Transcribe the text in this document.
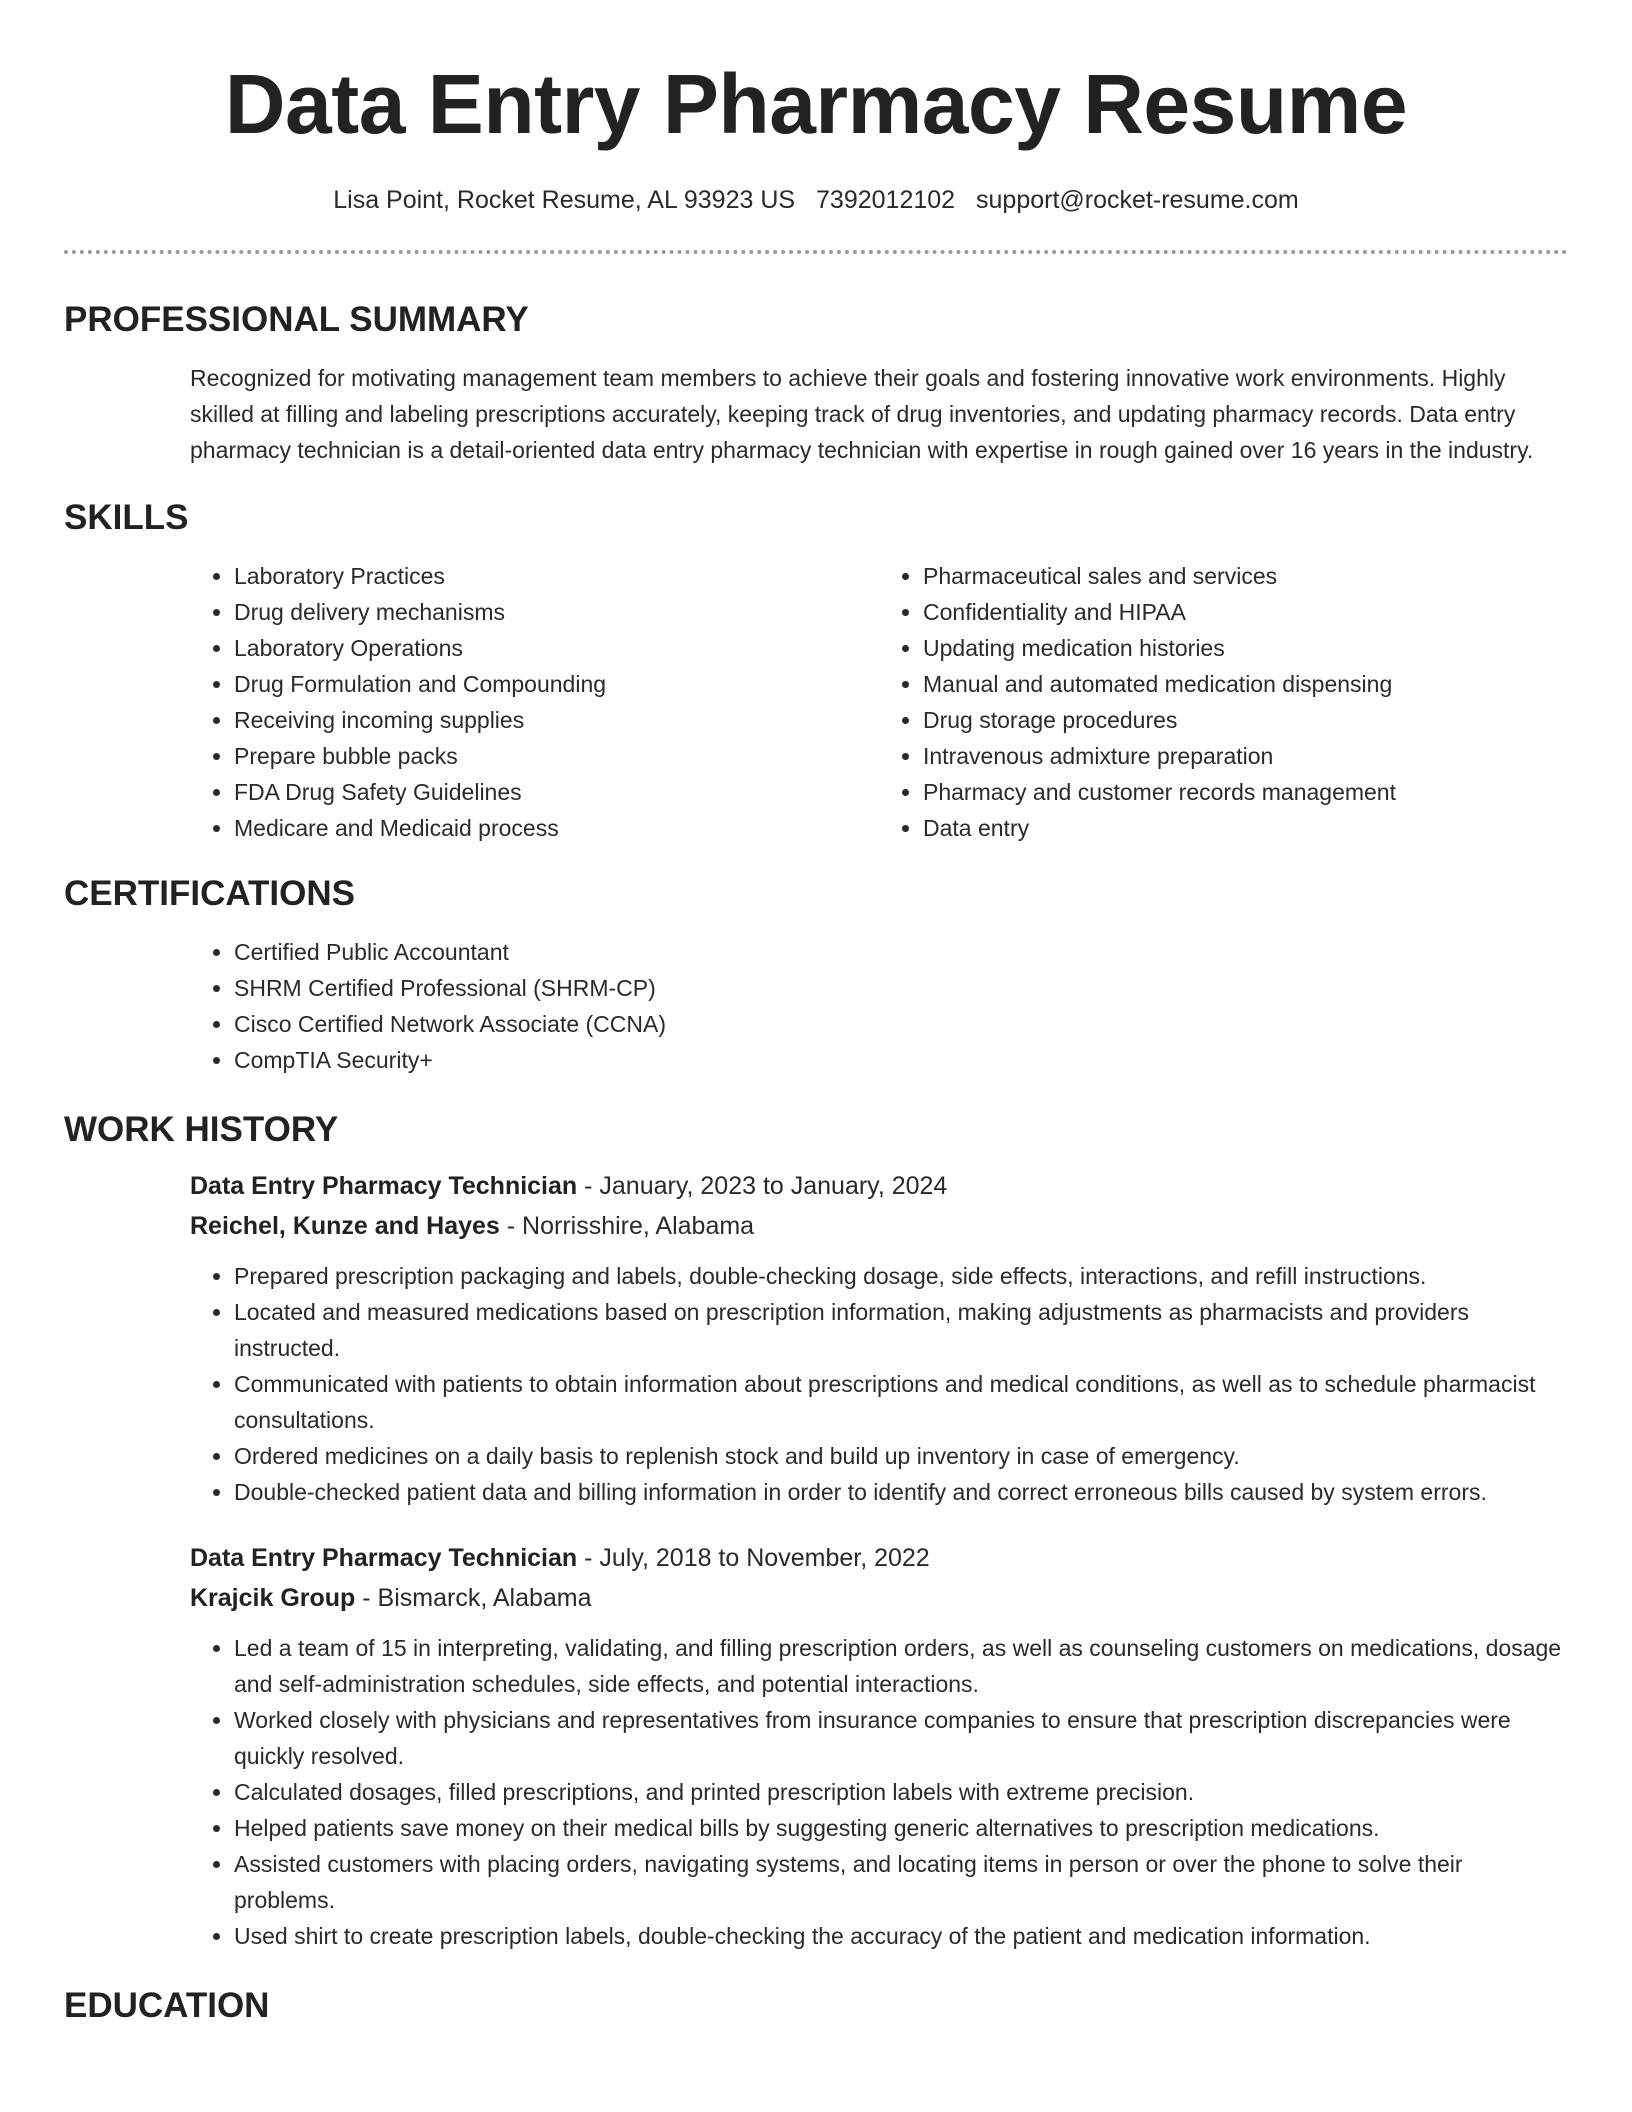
Data Entry Pharmacy Resume
Lisa Point, Rocket Resume, AL 93923 US 7392012102 support@rocket-resume.com
PROFESSIONAL SUMMARY
Recognized for motivating management team members to achieve their goals and fostering innovative work environments. Highly skilled at filling and labeling prescriptions accurately, keeping track of drug inventories, and updating pharmacy records. Data entry pharmacy technician is a detail-oriented data entry pharmacy technician with expertise in rough gained over 16 years in the industry.
SKILLS
• Laboratory Practices
• Drug delivery mechanisms
• Laboratory Operations
• Drug Formulation and Compounding
• Receiving incoming supplies
• Prepare bubble packs
• FDA Drug Safety Guidelines
• Medicare and Medicaid process
• Pharmaceutical sales and services
• Confidentiality and HIPAA
• Updating medication histories
• Manual and automated medication dispensing
• Drug storage procedures
• Intravenous admixture preparation
• Pharmacy and customer records management
• Data entry
CERTIFICATIONS
• Certified Public Accountant
• SHRM Certified Professional (SHRM-CP)
• Cisco Certified Network Associate (CCNA)
• CompTIA Security+
WORK HISTORY
Data Entry Pharmacy Technician - January, 2023 to January, 2024
Reichel, Kunze and Hayes - Norrisshire, Alabama
• Prepared prescription packaging and labels, double-checking dosage, side effects, interactions, and refill instructions.
• Located and measured medications based on prescription information, making adjustments as pharmacists and providers instructed.
• Communicated with patients to obtain information about prescriptions and medical conditions, as well as to schedule pharmacist consultations.
• Ordered medicines on a daily basis to replenish stock and build up inventory in case of emergency.
• Double-checked patient data and billing information in order to identify and correct erroneous bills caused by system errors.
Data Entry Pharmacy Technician - July, 2018 to November, 2022
Krajcik Group - Bismarck, Alabama
• Led a team of 15 in interpreting, validating, and filling prescription orders, as well as counseling customers on medications, dosage and self-administration schedules, side effects, and potential interactions.
• Worked closely with physicians and representatives from insurance companies to ensure that prescription discrepancies were quickly resolved.
• Calculated dosages, filled prescriptions, and printed prescription labels with extreme precision.
• Helped patients save money on their medical bills by suggesting generic alternatives to prescription medications.
• Assisted customers with placing orders, navigating systems, and locating items in person or over the phone to solve their problems.
• Used shirt to create prescription labels, double-checking the accuracy of the patient and medication information.
EDUCATION
